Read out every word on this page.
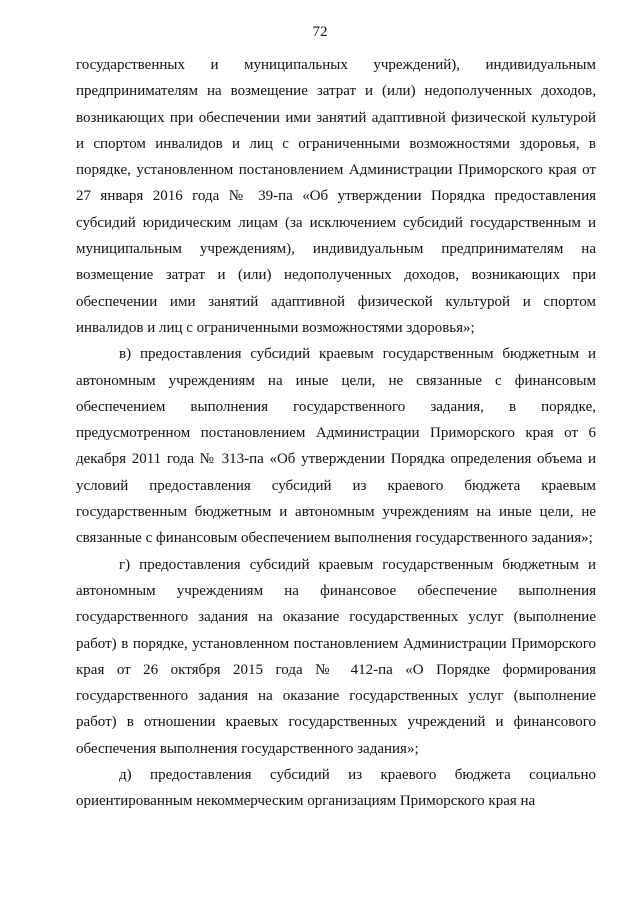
72

государственных и муниципальных учреждений), индивидуальным предпринимателям на возмещение затрат и (или) недополученных доходов, возникающих при обеспечении ими занятий адаптивной физической культурой и спортом инвалидов и лиц с ограниченными возможностями здоровья, в порядке, установленном постановлением Администрации Приморского края от 27 января 2016 года № 39-па «Об утверждении Порядка предоставления субсидий юридическим лицам (за исключением субсидий государственным и муниципальным учреждениям), индивидуальным предпринимателям на возмещение затрат и (или) недополученных доходов, возникающих при обеспечении ими занятий адаптивной физической культурой и спортом инвалидов и лиц с ограниченными возможностями здоровья»;

в) предоставления субсидий краевым государственным бюджетным и автономным учреждениям на иные цели, не связанные с финансовым обеспечением выполнения государственного задания, в порядке, предусмотренном постановлением Администрации Приморского края от 6 декабря 2011 года № 313-па «Об утверждении Порядка определения объема и условий предоставления субсидий из краевого бюджета краевым государственным бюджетным и автономным учреждениям на иные цели, не связанные с финансовым обеспечением выполнения государственного задания»;

г) предоставления субсидий краевым государственным бюджетным и автономным учреждениям на финансовое обеспечение выполнения государственного задания на оказание государственных услуг (выполнение работ) в порядке, установленном постановлением Администрации Приморского края от 26 октября 2015 года № 412-па «О Порядке формирования государственного задания на оказание государственных услуг (выполнение работ) в отношении краевых государственных учреждений и финансового обеспечения выполнения государственного задания»;

д) предоставления субсидий из краевого бюджета социально ориентированным некоммерческим организациям Приморского края на
